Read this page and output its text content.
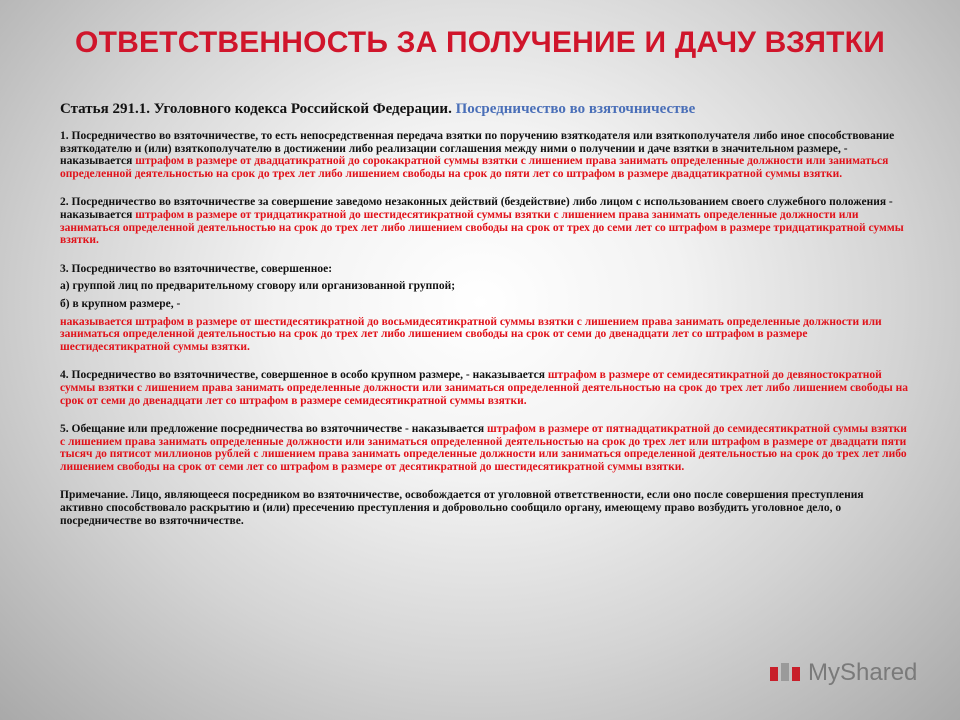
ОТВЕТСТВЕННОСТЬ ЗА ПОЛУЧЕНИЕ И ДАЧУ ВЗЯТКИ
Статья 291.1. Уголовного кодекса Российской Федерации. Посредничество во взяточничестве

1. Посредничество во взяточничестве, то есть непосредственная передача взятки по поручению взяткодателя или взяткополучателя либо иное способствование взяткодателю и (или) взяткополучателю в достижении либо реализации соглашения между ними о получении и даче взятки в значительном размере, - наказывается штрафом в размере от двадцатикратной до сорокакратной суммы взятки с лишением права занимать определенные должности или заниматься определенной деятельностью на срок до трех лет либо лишением свободы на срок до пяти лет со штрафом в размере двадцатикратной суммы взятки.

2. Посредничество во взяточничестве за совершение заведомо незаконных действий (бездействие) либо лицом с использованием своего служебного положения - наказывается штрафом в размере от тридцатикратной до шестидесятикратной суммы взятки с лишением права занимать определенные должности или заниматься определенной деятельностью на срок до трех лет либо лишением свободы на срок от трех до семи лет со штрафом в размере тридцатикратной суммы взятки.

3. Посредничество во взяточничестве, совершенное:

а) группой лиц по предварительному сговору или организованной группой;

б) в крупном размере, -

наказывается штрафом в размере от шестидесятикратной до восьмидесятикратной суммы взятки с лишением права занимать определенные должности или заниматься определенной деятельностью на срок до трех лет либо лишением свободы на срок от семи до двенадцати лет со штрафом в размере шестидесятикратной суммы взятки.

4. Посредничество во взяточничестве, совершенное в особо крупном размере, - наказывается штрафом в размере от семидесятикратной до девяностократной суммы взятки с лишением права занимать определенные должности или заниматься определенной деятельностью на срок до трех лет либо лишением свободы на срок от семи до двенадцати лет со штрафом в размере семидесятикратной суммы взятки.

5. Обещание или предложение посредничества во взяточничестве - наказывается штрафом в размере от пятнадцатикратной до семидесятикратной суммы взятки с лишением права занимать определенные должности или заниматься определенной деятельностью на срок до трех лет или штрафом в размере от двадцати пяти тысяч до пятисот миллионов рублей с лишением права занимать определенные должности или заниматься определенной деятельностью на срок до трех лет либо лишением свободы на срок от семи лет со штрафом в размере от десятикратной до шестидесятикратной суммы взятки.

Примечание. Лицо, являющееся посредником во взяточничестве, освобождается от уголовной ответственности, если оно после совершения преступления активно способствовало раскрытию и (или) пресечению преступления и добровольно сообщило органу, имеющему право возбудить уголовное дело, о посредничестве во взяточничестве.

MyShared
